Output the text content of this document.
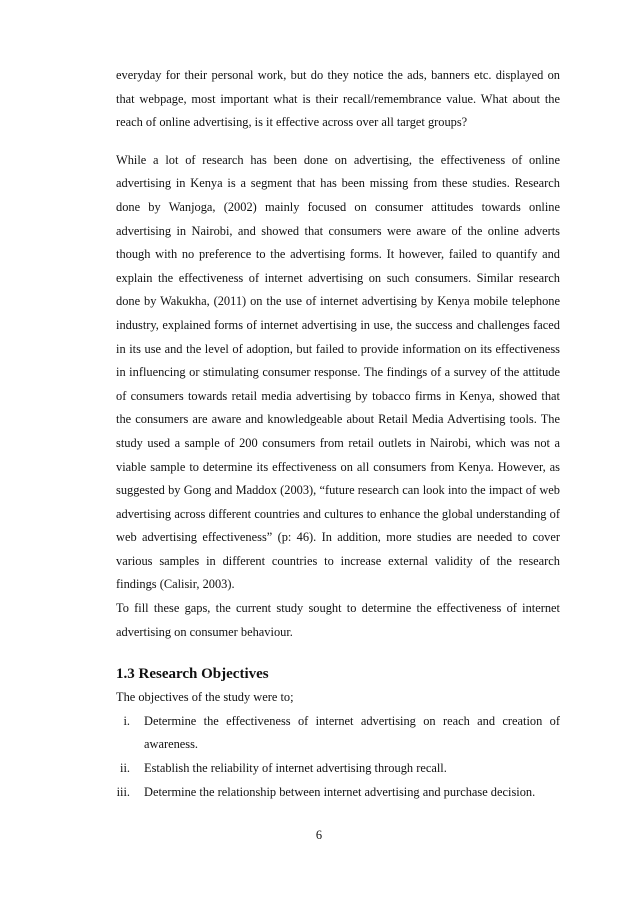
everyday for their personal work, but do they notice the ads, banners etc. displayed on that webpage, most important what is their recall/remembrance value. What about the reach of online advertising, is it effective across over all target groups?

While a lot of research has been done on advertising, the effectiveness of online advertising in Kenya is a segment that has been missing from these studies. Research done by Wanjoga, (2002) mainly focused on consumer attitudes towards online advertising in Nairobi, and showed that consumers were aware of the online adverts though with no preference to the advertising forms. It however, failed to quantify and explain the effectiveness of internet advertising on such consumers. Similar research done by Wakukha, (2011) on the use of internet advertising by Kenya mobile telephone industry, explained forms of internet advertising in use, the success and challenges faced in its use and the level of adoption, but failed to provide information on its effectiveness in influencing or stimulating consumer response. The findings of a survey of the attitude of consumers towards retail media advertising by tobacco firms in Kenya, showed that the consumers are aware and knowledgeable about Retail Media Advertising tools. The study used a sample of 200 consumers from retail outlets in Nairobi, which was not a viable sample to determine its effectiveness on all consumers from Kenya. However, as suggested by Gong and Maddox (2003), “future research can look into the impact of web advertising across different countries and cultures to enhance the global understanding of web advertising effectiveness” (p: 46). In addition, more studies are needed to cover various samples in different countries to increase external validity of the research findings (Calisir, 2003).

To fill these gaps, the current study sought to determine the effectiveness of internet advertising on consumer behaviour.

1.3 Research Objectives

The objectives of the study were to;

i.	Determine the effectiveness of internet advertising on reach and creation of awareness.
ii.	Establish the reliability of internet advertising through recall.
iii.	Determine the relationship between internet advertising and purchase decision.
6
